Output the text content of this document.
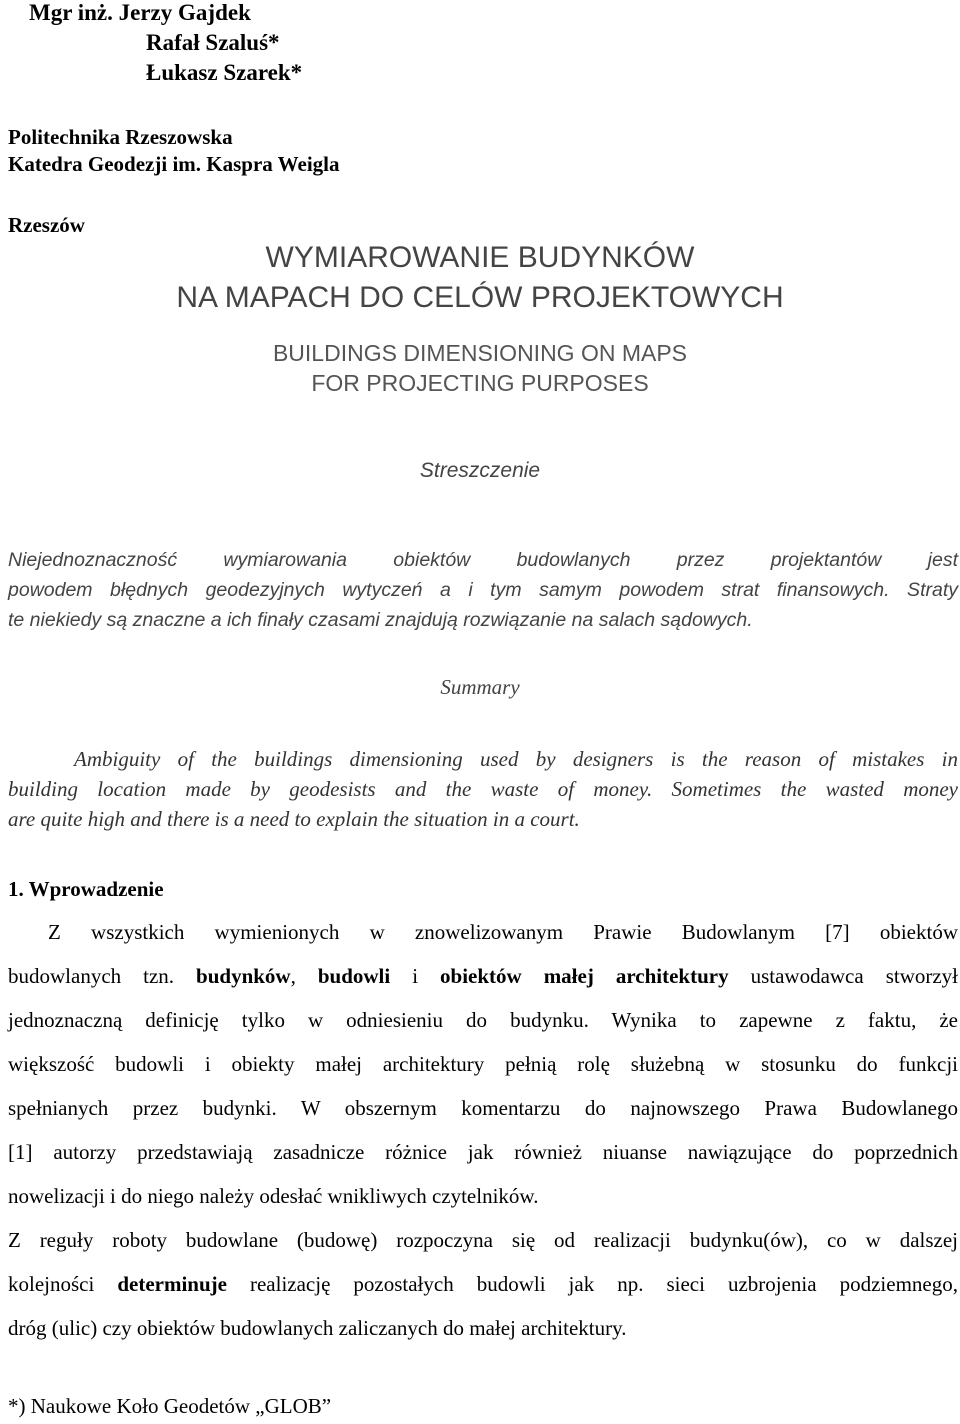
Mgr inż. Jerzy Gajdek
Rafał Szaluś*
Łukasz Szarek*
Politechnika Rzeszowska
Katedra Geodezji im. Kaspra Weigla
Rzeszów
WYMIAROWANIE BUDYNKÓW
NA MAPACH DO CELÓW PROJEKTOWYCH
BUILDINGS DIMENSIONING ON MAPS
FOR PROJECTING PURPOSES
Streszczenie
Niejednoznaczność wymiarowania obiektów budowlanych przez projektantów jest
powodem błędnych geodezyjnych wytyczeń a i tym samym powodem strat finansowych. Straty
te niekiedy są znaczne a ich finały czasami znajdują rozwiązanie na salach sądowych.
Summary
Ambiguity of the buildings dimensioning used by designers is the reason of mistakes in
building location made by geodesists and the waste of money. Sometimes the wasted money
are quite high and there is a need to explain the situation in a court.
1. Wprowadzenie
Z wszystkich wymienionych w znowelizowanym Prawie Budowlanym [7] obiektów
budowlanych tzn. budynków, budowli i obiektów małej architektury ustawodawca stworzył
jednoznaczną definicję tylko w odniesieniu do budynku. Wynika to zapewne z faktu, że
większość budowli i obiekty małej architektury pełnią rolę służebną w stosunku do funkcji
spełnianych przez budynki. W obszernym komentarzu do najnowszego Prawa Budowlanego
[1] autorzy przedstawiają zasadnicze różnice jak również niuanse nawiązujące do poprzednich
nowelizacji i do niego należy odesłać wnikliwych czytelników.
Z reguły roboty budowlane (budowę) rozpoczyna się od realizacji budynku(ów), co w dalszej
kolejności determinuje realizację pozostałych budowli jak np. sieci uzbrojenia podziemnego,
dróg (ulic) czy obiektów budowlanych zaliczanych do małej architektury.
*) Naukowe Koło Geodetów „GLOB”
